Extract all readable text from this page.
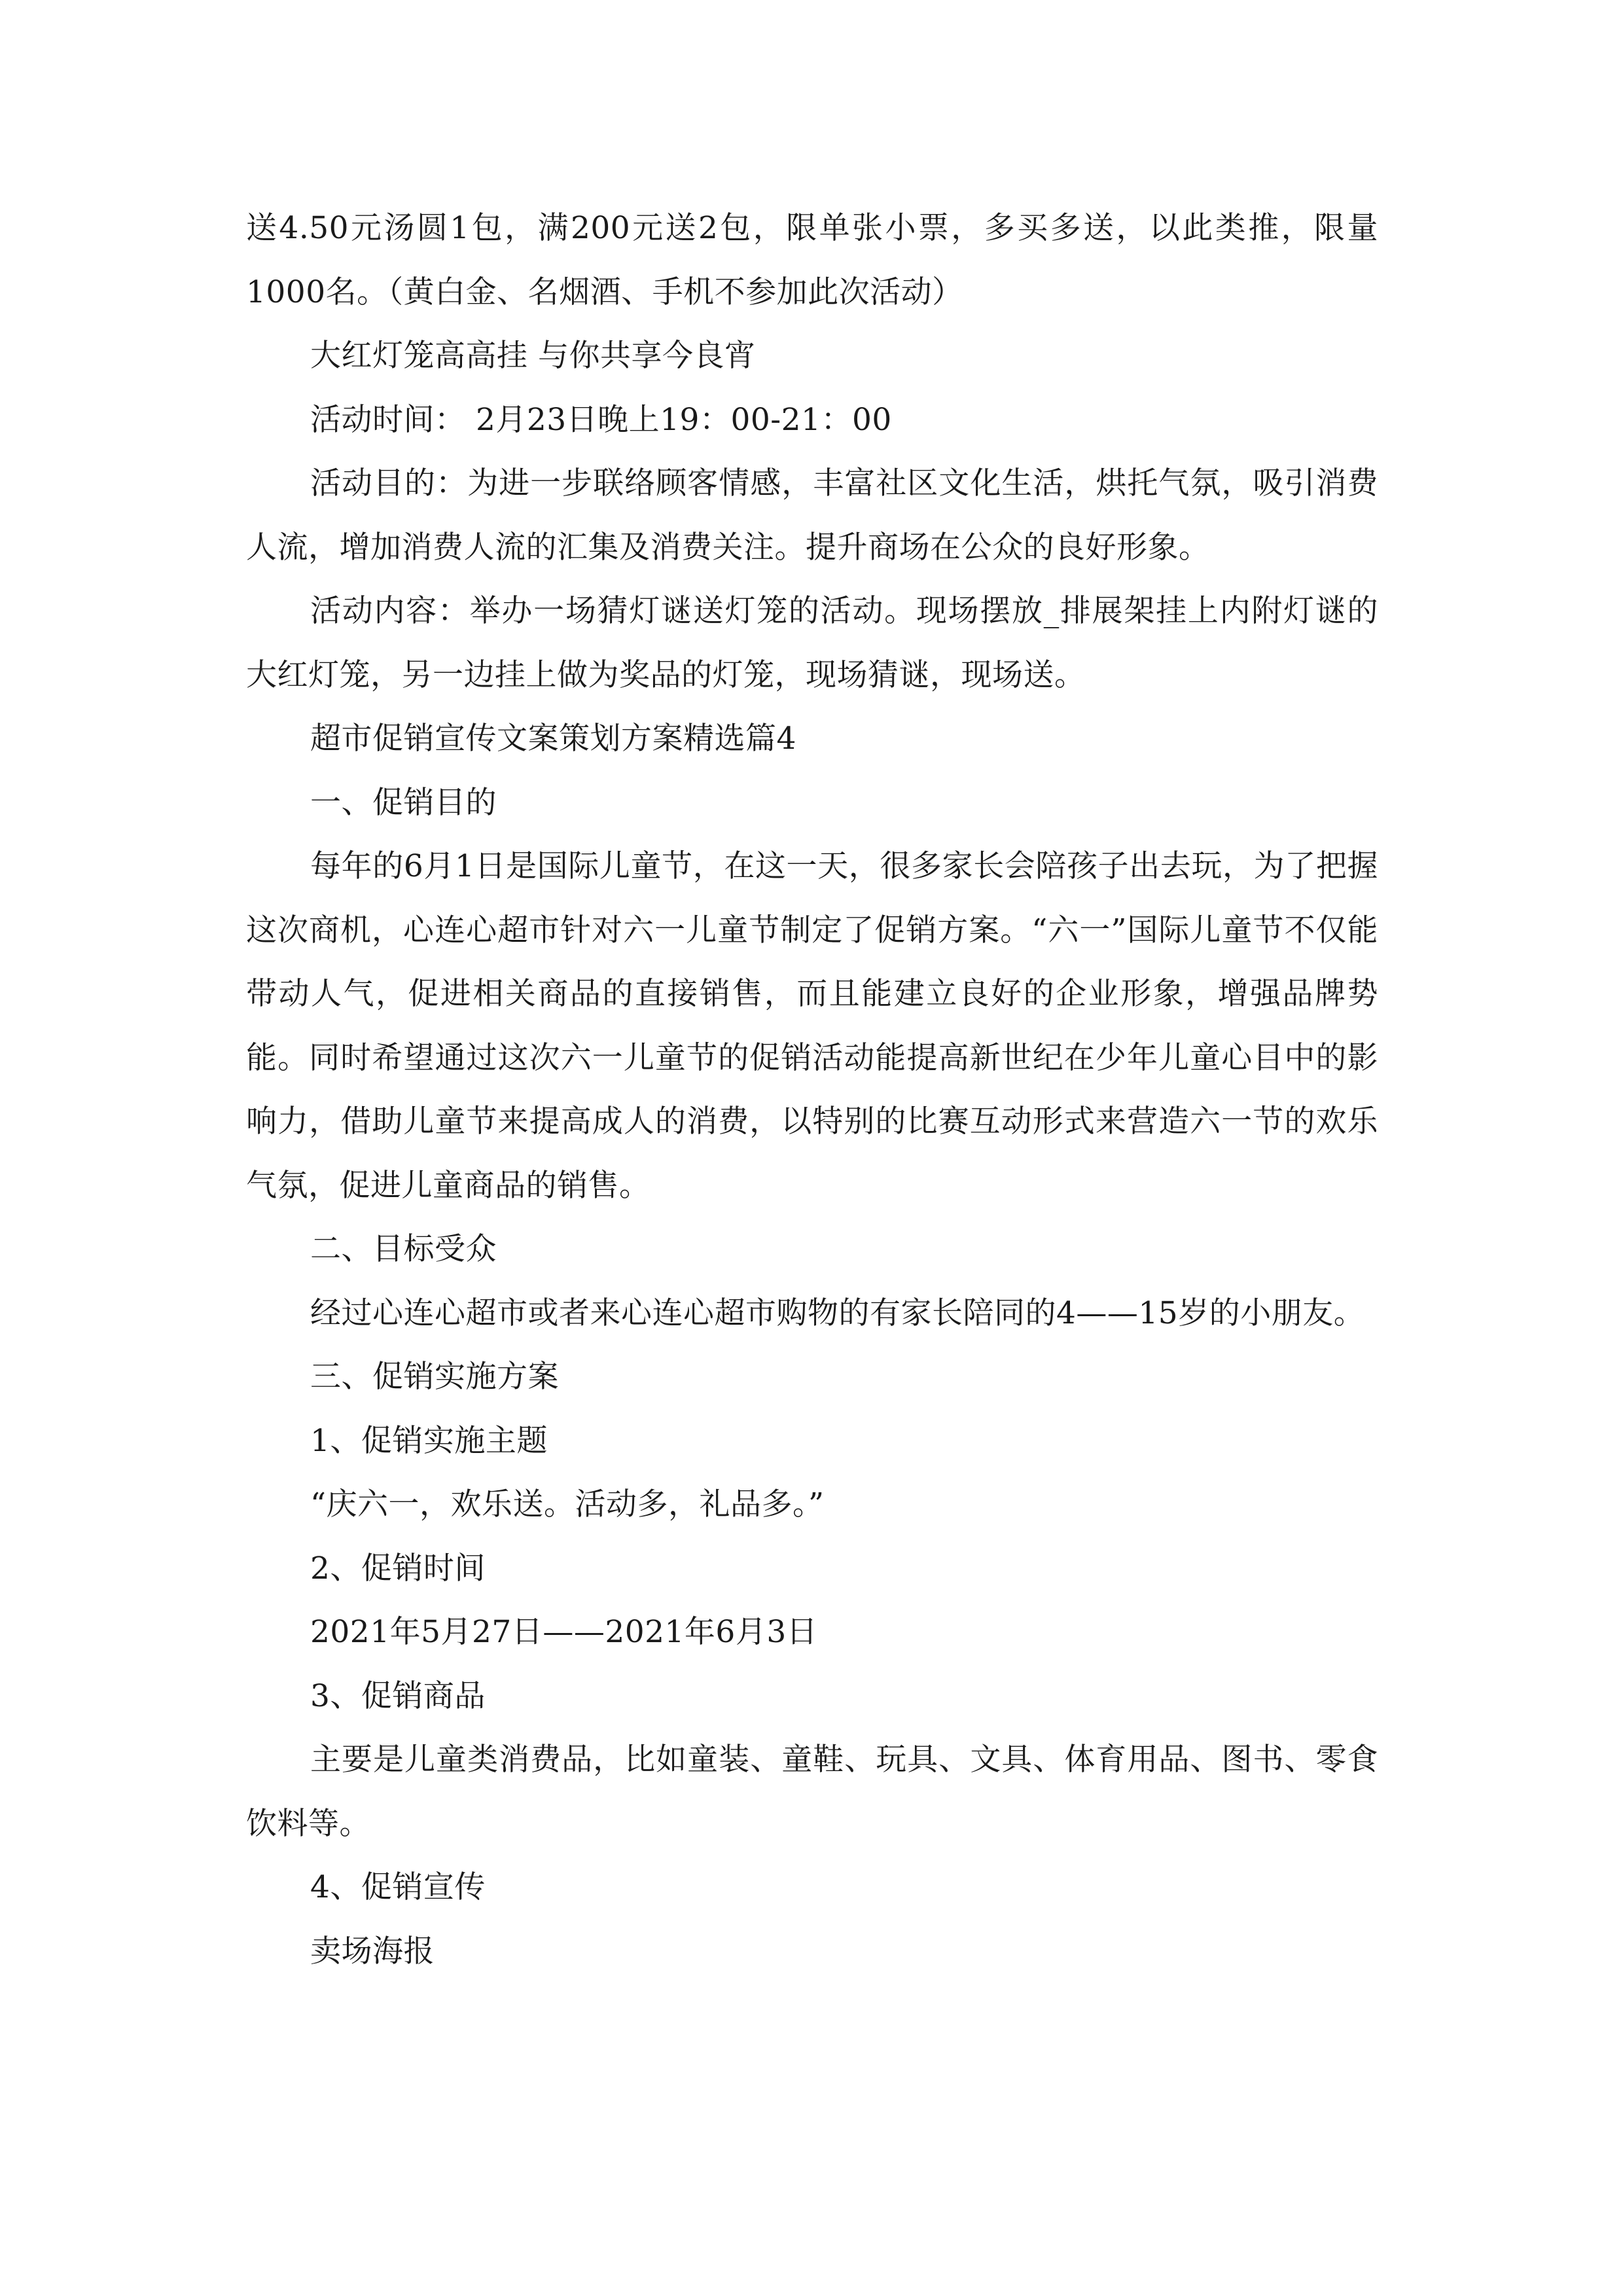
送4.50元汤圆1包，满200元送2包，限单张小票，多买多送，以此类推，限量1000名。（黄白金、名烟酒、手机不参加此次活动）

大红灯笼高高挂 与你共享今良宵

活动时间： 2月23日晚上19：00-21：00

活动目的：为进一步联络顾客情感，丰富社区文化生活，烘托气氛，吸引消费人流，增加消费人流的汇集及消费关注。提升商场在公众的良好形象。

活动内容：举办一场猜灯谜送灯笼的活动。现场摆放_排展架挂上内附灯谜的大红灯笼，另一边挂上做为奖品的灯笼，现场猜谜，现场送。

超市促销宣传文案策划方案精选篇4

一、促销目的

每年的6月1日是国际儿童节，在这一天，很多家长会陪孩子出去玩，为了把握这次商机，心连心超市针对六一儿童节制定了促销方案。“六一”国际儿童节不仅能带动人气，促进相关商品的直接销售，而且能建立良好的企业形象，增强品牌势能。同时希望通过这次六一儿童节的促销活动能提高新世纪在少年儿童心目中的影响力，借助儿童节来提高成人的消费，以特别的比赛互动形式来营造六一节的欢乐气氛，促进儿童商品的销售。

二、目标受众

经过心连心超市或者来心连心超市购物的有家长陪同的4——15岁的小朋友。

三、促销实施方案

1、促销实施主题

“庆六一，欢乐送。活动多，礼品多。”

2、促销时间

2021年5月27日——2021年6月3日

3、促销商品

主要是儿童类消费品，比如童装、童鞋、玩具、文具、体育用品、图书、零食饮料等。

4、促销宣传

卖场海报
